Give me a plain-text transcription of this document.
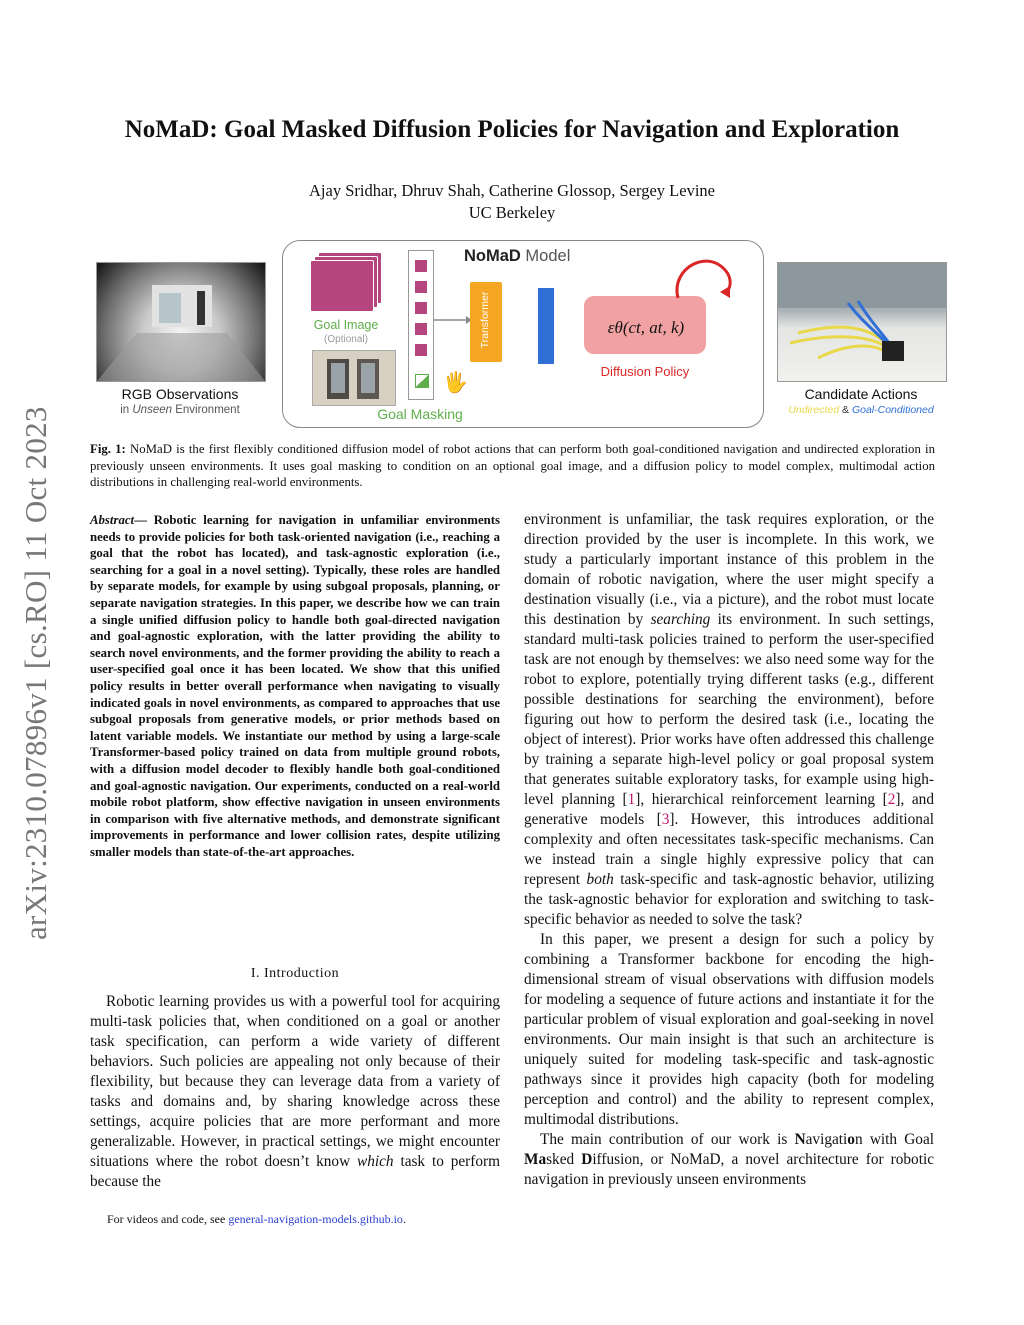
NoMaD: Goal Masked Diffusion Policies for Navigation and Exploration
Ajay Sridhar, Dhruv Shah, Catherine Glossop, Sergey Levine
UC Berkeley
arXiv:2310.07896v1 [cs.RO] 11 Oct 2023
RGB Observations
in Unseen Environment
NoMaD Model
Goal Image
(Optional)
🖐
Transformer	εθ(ct, at, k)
Diffusion Policy
Goal Masking
Candidate Actions
Undirected & Goal-Conditioned
Fig. 1: NoMaD is the first flexibly conditioned diffusion model of robot actions that can perform both goal-conditioned navigation and undirected exploration in previously unseen environments. It uses goal masking to condition on an optional goal image, and a diffusion policy to model complex, multimodal action distributions in challenging real-world environments.
Abstract— Robotic learning for navigation in unfamiliar environments needs to provide policies for both task-oriented navigation (i.e., reaching a goal that the robot has located), and task-agnostic exploration (i.e., searching for a goal in a novel setting). Typically, these roles are handled by separate models, for example by using subgoal proposals, planning, or separate navigation strategies. In this paper, we describe how we can train a single unified diffusion policy to handle both goal-directed navigation and goal-agnostic exploration, with the latter providing the ability to search novel environments, and the former providing the ability to reach a user-specified goal once it has been located. We show that this unified policy results in better overall performance when navigating to visually indicated goals in novel environments, as compared to approaches that use subgoal proposals from generative models, or prior methods based on latent variable models. We instantiate our method by using a large-scale Transformer-based policy trained on data from multiple ground robots, with a diffusion model decoder to flexibly handle both goal-conditioned and goal-agnostic navigation. Our experiments, conducted on a real-world mobile robot platform, show effective navigation in unseen environments in comparison with five alternative methods, and demonstrate significant improvements in performance and lower collision rates, despite utilizing smaller models than state-of-the-art approaches.
I. Introduction

Robotic learning provides us with a powerful tool for acquiring multi-task policies that, when conditioned on a goal or another task specification, can perform a wide variety of different behaviors. Such policies are appealing not only because of their flexibility, but because they can leverage data from a variety of tasks and domains and, by sharing knowledge across these settings, acquire policies that are more performant and more generalizable. However, in practical settings, we might encounter situations where the robot doesn’t know which task to perform because the

environment is unfamiliar, the task requires exploration, or the direction provided by the user is incomplete. In this work, we study a particularly important instance of this problem in the domain of robotic navigation, where the user might specify a destination visually (i.e., via a picture), and the robot must locate this destination by searching its environment. In such settings, standard multi-task policies trained to perform the user-specified task are not enough by themselves: we also need some way for the robot to explore, potentially trying different tasks (e.g., different possible destinations for searching the environment), before figuring out how to perform the desired task (i.e., locating the object of interest). Prior works have often addressed this challenge by training a separate high-level policy or goal proposal system that generates suitable exploratory tasks, for example using high-level planning [1], hierarchical reinforcement learning [2], and generative models [3]. However, this introduces additional complexity and often necessitates task-specific mechanisms. Can we instead train a single highly expressive policy that can represent both task-specific and task-agnostic behavior, utilizing the task-agnostic behavior for exploration and switching to task-specific behavior as needed to solve the task?

In this paper, we present a design for such a policy by combining a Transformer backbone for encoding the high-dimensional stream of visual observations with diffusion models for modeling a sequence of future actions and instantiate it for the particular problem of visual exploration and goal-seeking in novel environments. Our main insight is that such an architecture is uniquely suited for modeling task-specific and task-agnostic pathways since it provides high capacity (both for modeling perception and control) and the ability to represent complex, multimodal distributions.

The main contribution of our work is Navigation with Goal Masked Diffusion, or NoMaD, a novel architecture for robotic navigation in previously unseen environments

For videos and code, see general-navigation-models.github.io.
